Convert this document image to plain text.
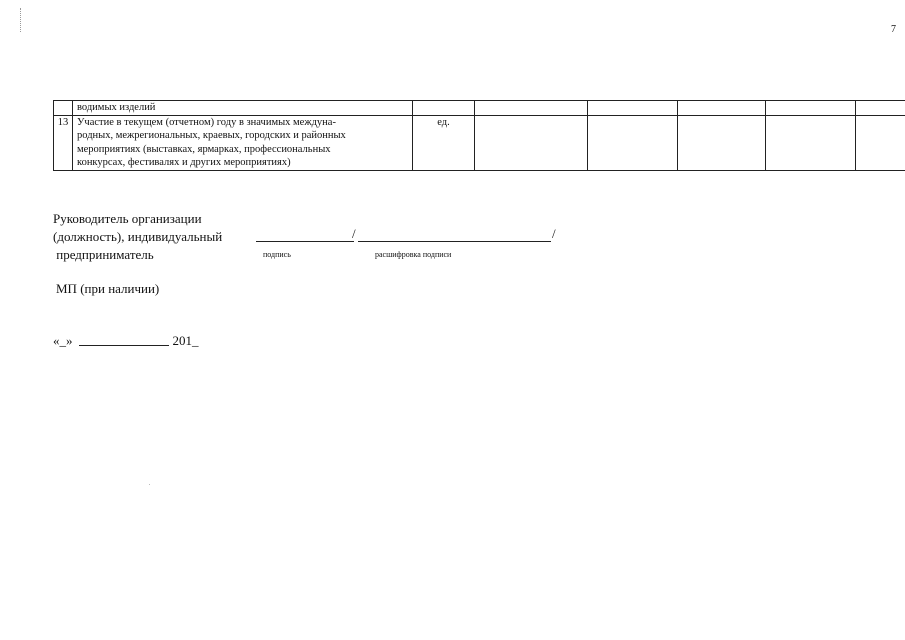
7
	водимых изделий						
13	Участие в текущем (отчетном) году в значимых междуна-
родных, межрегиональных, краевых, городских и районных
мероприятиях (выставках, ярмарках, профессиональных
конкурсах, фестивалях и других мероприятиях)	ед.					
Руководитель организации
(должность), индивидуальный
предприниматель
/	/
подпись	расшифровка подписи
МП (при наличии)
«_»	201_
